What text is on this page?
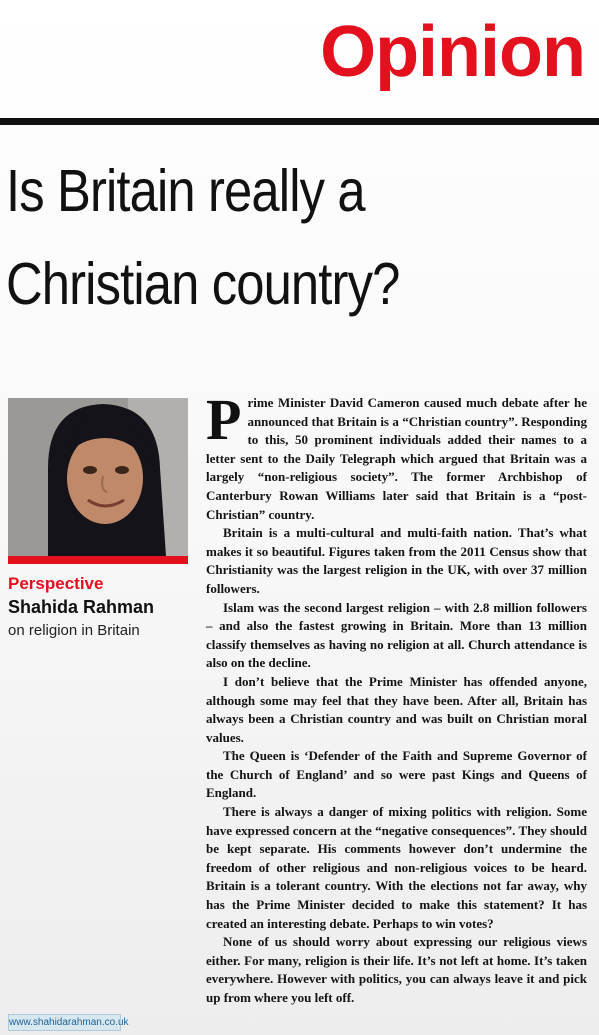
Opinion
Is Britain really a
Christian country?
Perspective
Shahida Rahman
on religion in Britain
www.shahidarahman.co.uk

Prime Minister David Cameron caused much debate after he announced that Britain is a “Christian country”. Responding to this, 50 prominent individuals added their names to a letter sent to the Daily Telegraph which argued that Britain was a largely “non-religious society”. The former Archbishop of Canterbury Rowan Williams later said that Britain is a “post-Christian” country.

Britain is a multi-cultural and multi-faith nation. That’s what makes it so beautiful. Figures taken from the 2011 Census show that Christianity was the largest religion in the UK, with over 37 million followers.

Islam was the second largest religion – with 2.8 million followers – and also the fastest growing in Britain. More than 13 million classify themselves as having no religion at all. Church attendance is also on the decline.

I don’t believe that the Prime Minister has offended anyone, although some may feel that they have been. After all, Britain has always been a Christian country and was built on Christian moral values.

The Queen is ‘Defender of the Faith and Supreme Governor of the Church of England’ and so were past Kings and Queens of England.

There is always a danger of mixing politics with religion. Some have expressed concern at the “negative consequences”. They should be kept separate. His comments however don’t undermine the freedom of other religious and non-religious voices to be heard. Britain is a tolerant country. With the elections not far away, why has the Prime Minister decided to make this statement? It has created an interesting debate. Perhaps to win votes?

None of us should worry about expressing our religious views either. For many, religion is their life. It’s not left at home. It’s taken everywhere. However with politics, you can always leave it and pick up from where you left off.
